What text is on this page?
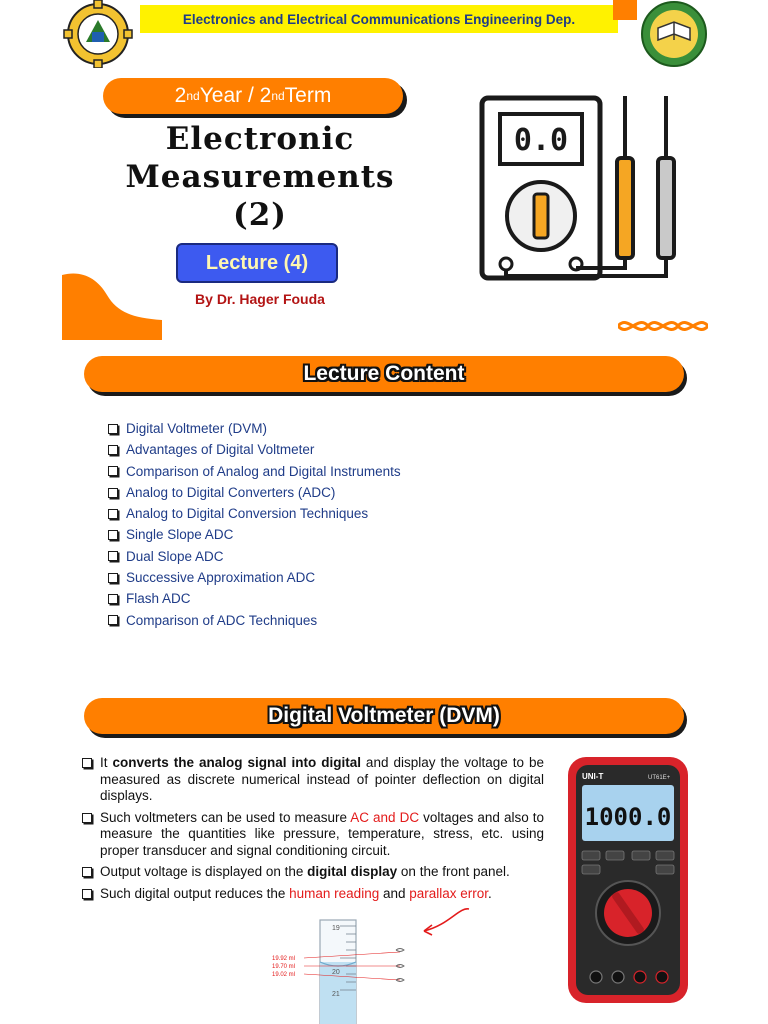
Electronics and Electrical Communications Engineering Dep.
2 nd Year / 2 nd Term
Electronic
Measurements
(2)
Lecture (4)
By Dr. Hager Fouda
0.0
Lecture Content
Digital Voltmeter (DVM)
Advantages of Digital Voltmeter
Comparison of Analog and Digital Instruments
Analog to Digital Converters (ADC)
Analog to Digital Conversion Techniques
Single Slope ADC
Dual Slope ADC
Successive Approximation ADC
Flash ADC
Comparison of ADC Techniques
Digital Voltmeter (DVM)
It converts the analog signal into digital and display the voltage to be measured as discrete numerical instead of pointer deflection on digital displays.
Such voltmeters can be used to measure AC and DC voltages and also to measure the quantities like pressure, temperature, stress, etc. using proper transducer and signal conditioning circuit.
Output voltage is displayed on the digital display on the front panel.
Such digital output reduces the human reading and parallax error.
19
20
21
19.92 ml
19.70 ml
19.02 ml
UNI-T	UT61E+
1000.0
